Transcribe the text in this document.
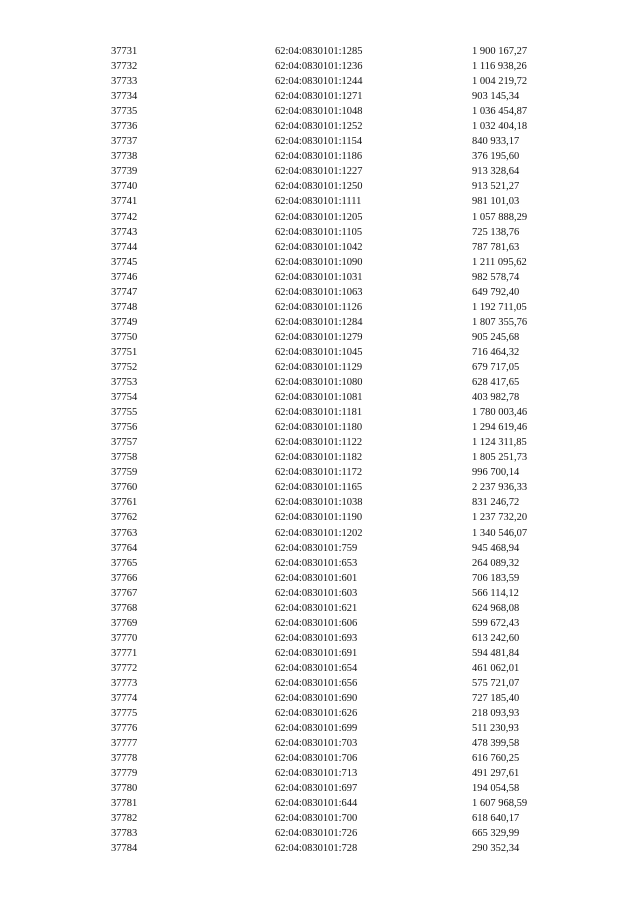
37731	62:04:0830101:1285	1 900 167,27
37732	62:04:0830101:1236	1 116 938,26
37733	62:04:0830101:1244	1 004 219,72
37734	62:04:0830101:1271	903 145,34
37735	62:04:0830101:1048	1 036 454,87
37736	62:04:0830101:1252	1 032 404,18
37737	62:04:0830101:1154	840 933,17
37738	62:04:0830101:1186	376 195,60
37739	62:04:0830101:1227	913 328,64
37740	62:04:0830101:1250	913 521,27
37741	62:04:0830101:1111	981 101,03
37742	62:04:0830101:1205	1 057 888,29
37743	62:04:0830101:1105	725 138,76
37744	62:04:0830101:1042	787 781,63
37745	62:04:0830101:1090	1 211 095,62
37746	62:04:0830101:1031	982 578,74
37747	62:04:0830101:1063	649 792,40
37748	62:04:0830101:1126	1 192 711,05
37749	62:04:0830101:1284	1 807 355,76
37750	62:04:0830101:1279	905 245,68
37751	62:04:0830101:1045	716 464,32
37752	62:04:0830101:1129	679 717,05
37753	62:04:0830101:1080	628 417,65
37754	62:04:0830101:1081	403 982,78
37755	62:04:0830101:1181	1 780 003,46
37756	62:04:0830101:1180	1 294 619,46
37757	62:04:0830101:1122	1 124 311,85
37758	62:04:0830101:1182	1 805 251,73
37759	62:04:0830101:1172	996 700,14
37760	62:04:0830101:1165	2 237 936,33
37761	62:04:0830101:1038	831 246,72
37762	62:04:0830101:1190	1 237 732,20
37763	62:04:0830101:1202	1 340 546,07
37764	62:04:0830101:759	945 468,94
37765	62:04:0830101:653	264 089,32
37766	62:04:0830101:601	706 183,59
37767	62:04:0830101:603	566 114,12
37768	62:04:0830101:621	624 968,08
37769	62:04:0830101:606	599 672,43
37770	62:04:0830101:693	613 242,60
37771	62:04:0830101:691	594 481,84
37772	62:04:0830101:654	461 062,01
37773	62:04:0830101:656	575 721,07
37774	62:04:0830101:690	727 185,40
37775	62:04:0830101:626	218 093,93
37776	62:04:0830101:699	511 230,93
37777	62:04:0830101:703	478 399,58
37778	62:04:0830101:706	616 760,25
37779	62:04:0830101:713	491 297,61
37780	62:04:0830101:697	194 054,58
37781	62:04:0830101:644	1 607 968,59
37782	62:04:0830101:700	618 640,17
37783	62:04:0830101:726	665 329,99
37784	62:04:0830101:728	290 352,34
